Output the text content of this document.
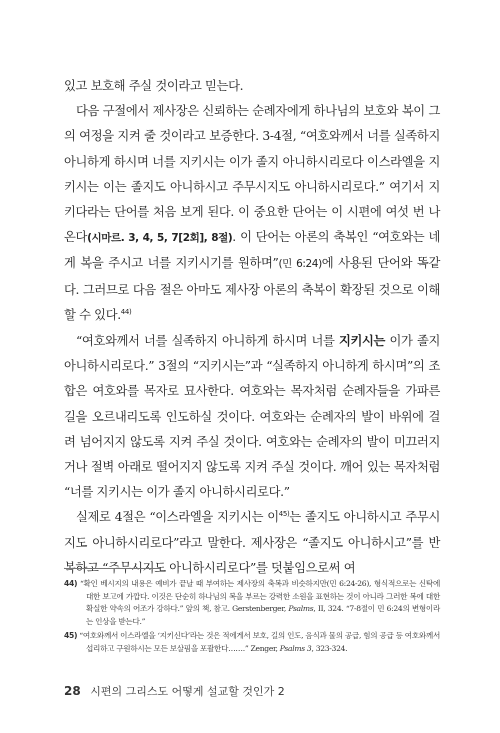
있고 보호해 주실 것이라고 믿는다.

다음 구절에서 제사장은 신뢰하는 순례자에게 하나님의 보호와 복이 그의 여정을 지켜 줄 것이라고 보증한다. 3-4절, “여호와께서 너를 실족하지 아니하게 하시며 너를 지키시는 이가 졸지 아니하시리로다 이스라엘을 지키시는 이는 졸지도 아니하시고 주무시지도 아니하시리로다.” 여기서 지키다라는 단어를 처음 보게 된다. 이 중요한 단어는 이 시편에 여섯 번 나온다(시마르. 3, 4, 5, 7[2회], 8절). 이 단어는 아론의 축복인 “여호와는 네게 복을 주시고 너를 지키시기를 원하며”(민 6:24)에 사용된 단어와 똑같다. 그러므로 다음 절은 아마도 제사장 아론의 축복이 확장된 것으로 이해할 수 있다.$^{44)}$

“여호와께서 너를 실족하지 아니하게 하시며 너를 지키시는 이가 졸지 아니하시리로다.” 3절의 “지키시는”과 “실족하지 아니하게 하시며”의 조합은 여호와를 목자로 묘사한다. 여호와는 목자처럼 순례자들을 가파른 길을 오르내리도록 인도하실 것이다. 여호와는 순례자의 발이 바위에 걸려 넘어지지 않도록 지켜 주실 것이다. 여호와는 순례자의 발이 미끄러지거나 절벽 아래로 떨어지지 않도록 지켜 주실 것이다. 깨어 있는 목자처럼 “너를 지키시는 이가 졸지 아니하시리로다.”

실제로 4절은 “이스라엘을 지키시는 이$^{45)}$는 졸지도 아니하시고 주무시지도 아니하시리로다”라고 말한다. 제사장은 “졸지도 아니하시고”를 반복하고 “주무시지도 아니하시리로다”를 덧붙임으로써 여

44) “확인 베시지의 내용은 예비가 끝날 때 부여하는 제사장의 축복과 비슷하지만(민 6:24-26), 형식적으로는 신탁에 대한 보고에 가깝다. 이것은 단순히 하나님의 복을 부르는 강력한 소원을 표현하는 것이 아니라 그러한 복에 대한 확실한 약속의 어조가 강하다.” 앞의 책, 참고. Gerstenberger, Psalms, II, 324. “7-8절이 민 6:24의 변형이라는 인상을 받는다.”

45) “여호와께서 이스라엘을 ‘지키신다’라는 것은 적에게서 보호, 길의 인도, 음식과 물의 공급, 힘의 공급 등 여호와께서 섭리하고 구원하시는 모든 보살핌을 포괄한다…….” Zenger, Psalms 3, 323-324.

28 시편의 그리스도 어떻게 설교할 것인가 2
